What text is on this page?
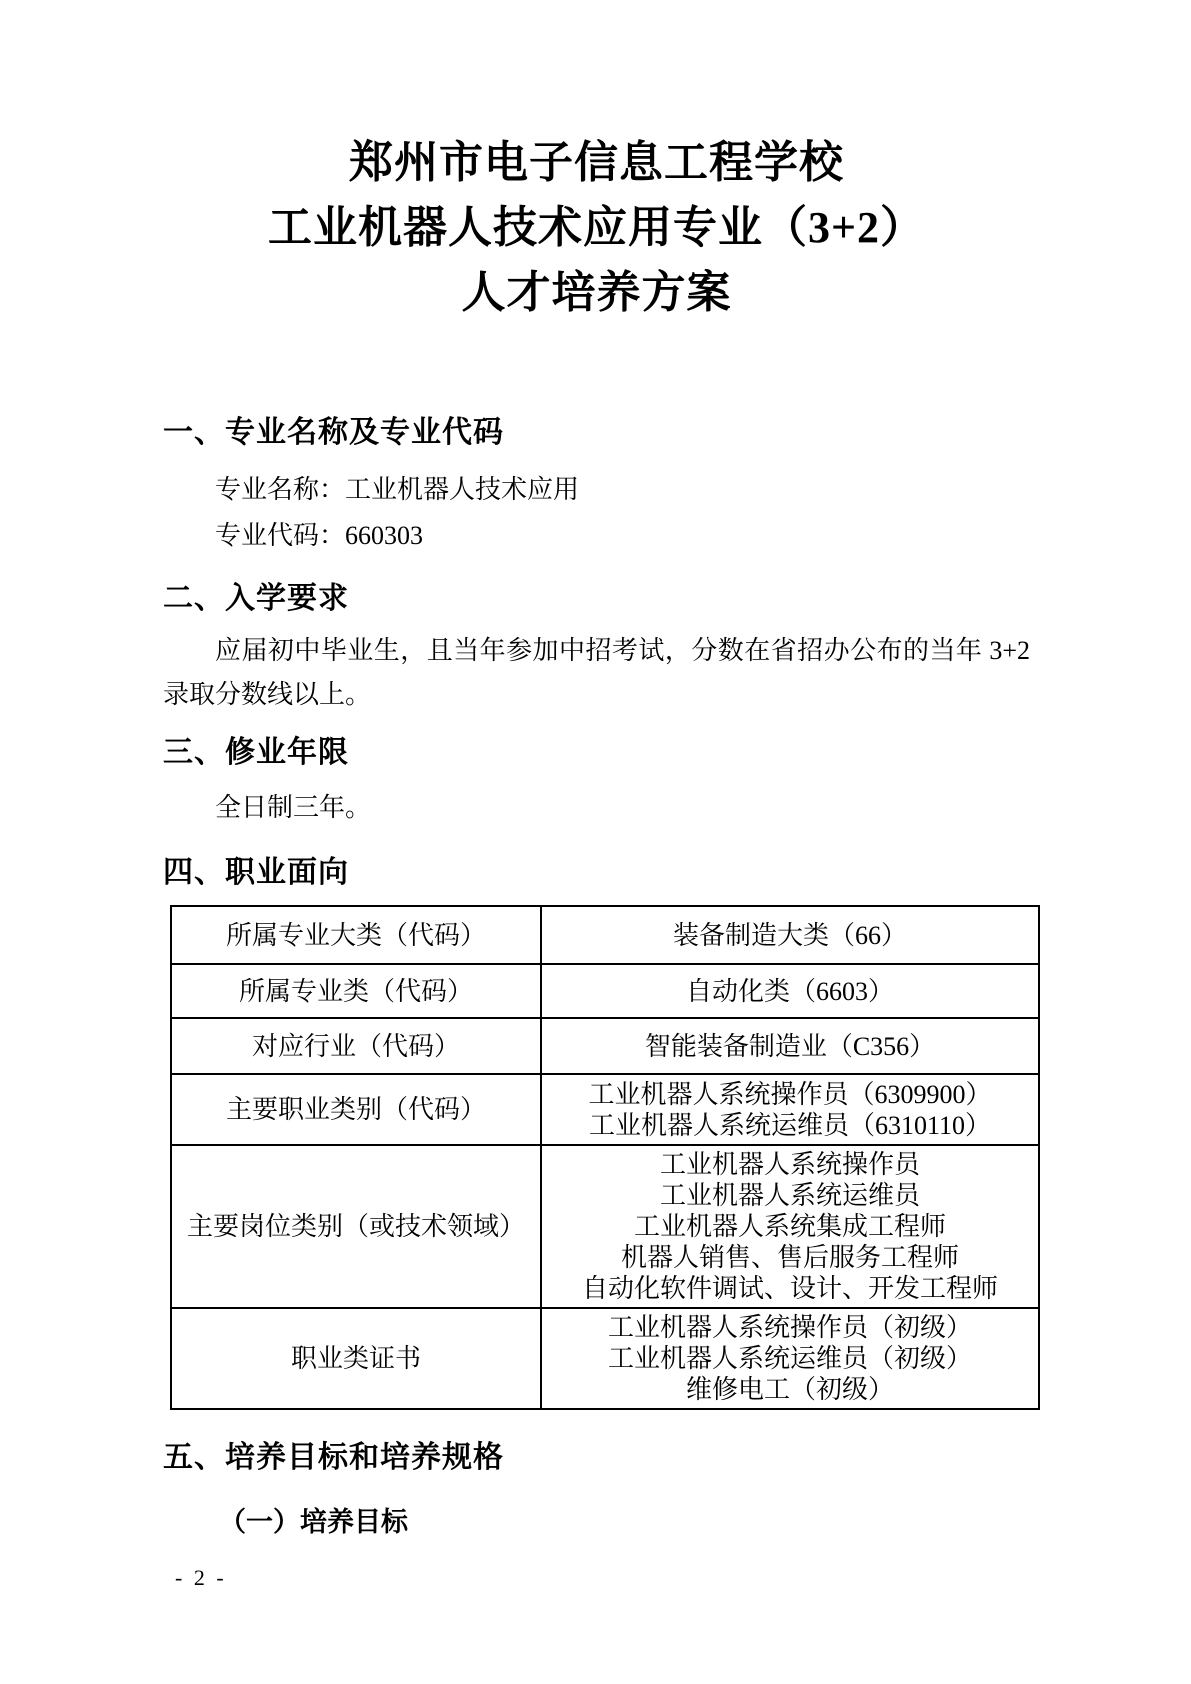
郑州市电子信息工程学校
工业机器人技术应用专业（3+2）
人才培养方案
一、专业名称及专业代码
专业名称：工业机器人技术应用
专业代码：660303
二、入学要求

应届初中毕业生，且当年参加中招考试，分数在省招办公布的当年 3+2 录取分数线以上。

三、修业年限

全日制三年。

四、职业面向
所属专业大类（代码）	装备制造大类（66）

所属专业类（代码）	自动化类（6603）

对应行业（代码）	智能装备制造业（C356）

主要职业类别（代码）	工业机器人系统操作员（6309900）
工业机器人系统运维员（6310110）

主要岗位类别（或技术领域）	工业机器人系统操作员
工业机器人系统运维员
工业机器人系统集成工程师
机器人销售、售后服务工程师
自动化软件调试、设计、开发工程师

职业类证书	工业机器人系统操作员（初级）
工业机器人系统运维员（初级）
维修电工（初级）
五、培养目标和培养规格
（一）培养目标
- 2 -
